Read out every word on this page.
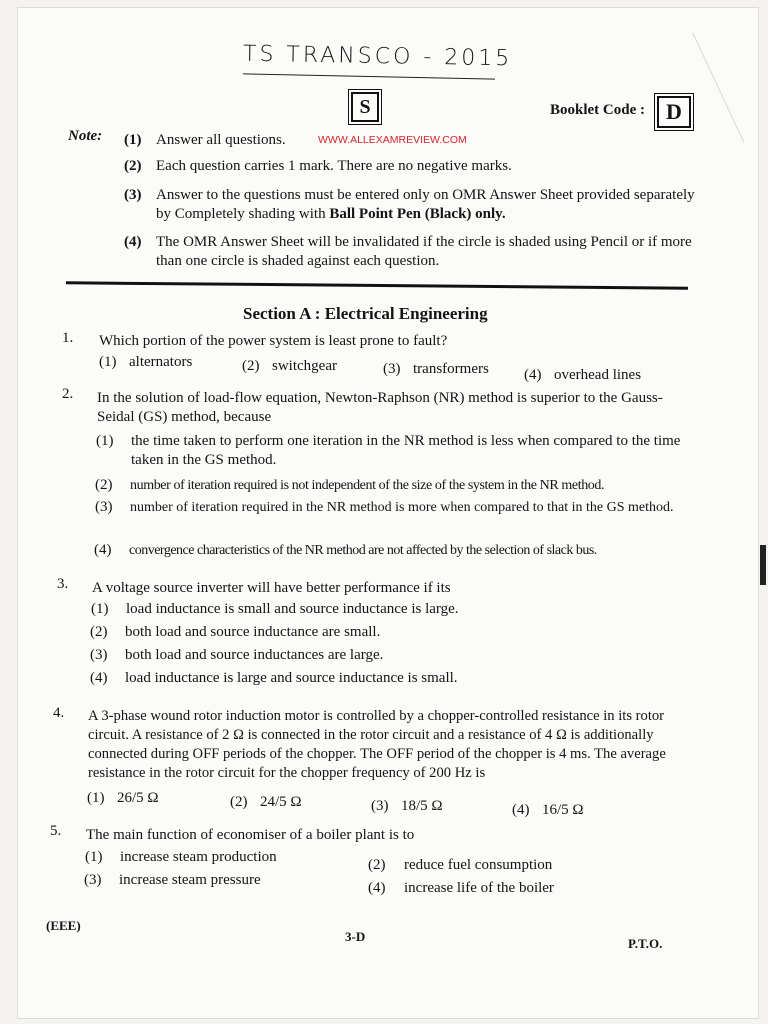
TS TRANSCO - 2015
S	Booklet Code : D
Note:	WWW.ALLEXAMREVIEW.COM
(1) Answer all questions.
(2) Each question carries 1 mark. There are no negative marks.
(3) Answer to the questions must be entered only on OMR Answer Sheet provided separately by Completely shading with Ball Point Pen (Black) only.
(4) The OMR Answer Sheet will be invalidated if the circle is shaded using Pencil or if more than one circle is shaded against each question.
Section A : Electrical Engineering
1. Which portion of the power system is least prone to fault?
(1) alternators	(2) switchgear	(3) transformers (4) overhead lines
2. In the solution of load-flow equation, Newton-Raphson (NR) method is superior to the Gauss-Seidal (GS) method, because
(1) the time taken to perform one iteration in the NR method is less when compared to the time taken in the GS method.
(2) number of iteration required is not independent of the size of the system in the NR method.
(3) number of iteration required in the NR method is more when compared to that in the GS method.
(4) convergence characteristics of the NR method are not affected by the selection of slack bus.
3. A voltage source inverter will have better performance if its
(1) load inductance is small and source inductance is large.
(2) both load and source inductance are small.
(3) both load and source inductances are large.
(4) load inductance is large and source inductance is small.
4. A 3-phase wound rotor induction motor is controlled by a chopper-controlled resistance in its rotor circuit. A resistance of 2 Ω is connected in the rotor circuit and a resistance of 4 Ω is additionally connected during OFF periods of the chopper. The OFF period of the chopper is 4 ms. The average resistance in the rotor circuit for the chopper frequency of 200 Hz is
(1) 26/5 Ω	(2) 24/5 Ω	(3) 18/5 Ω	(4) 16/5 Ω
5. The main function of economiser of a boiler plant is to
(1) increase steam production	(2) reduce fuel consumption
(3) increase steam pressure	(4) increase life of the boiler
(EEE)
3-D	P.T.O.
